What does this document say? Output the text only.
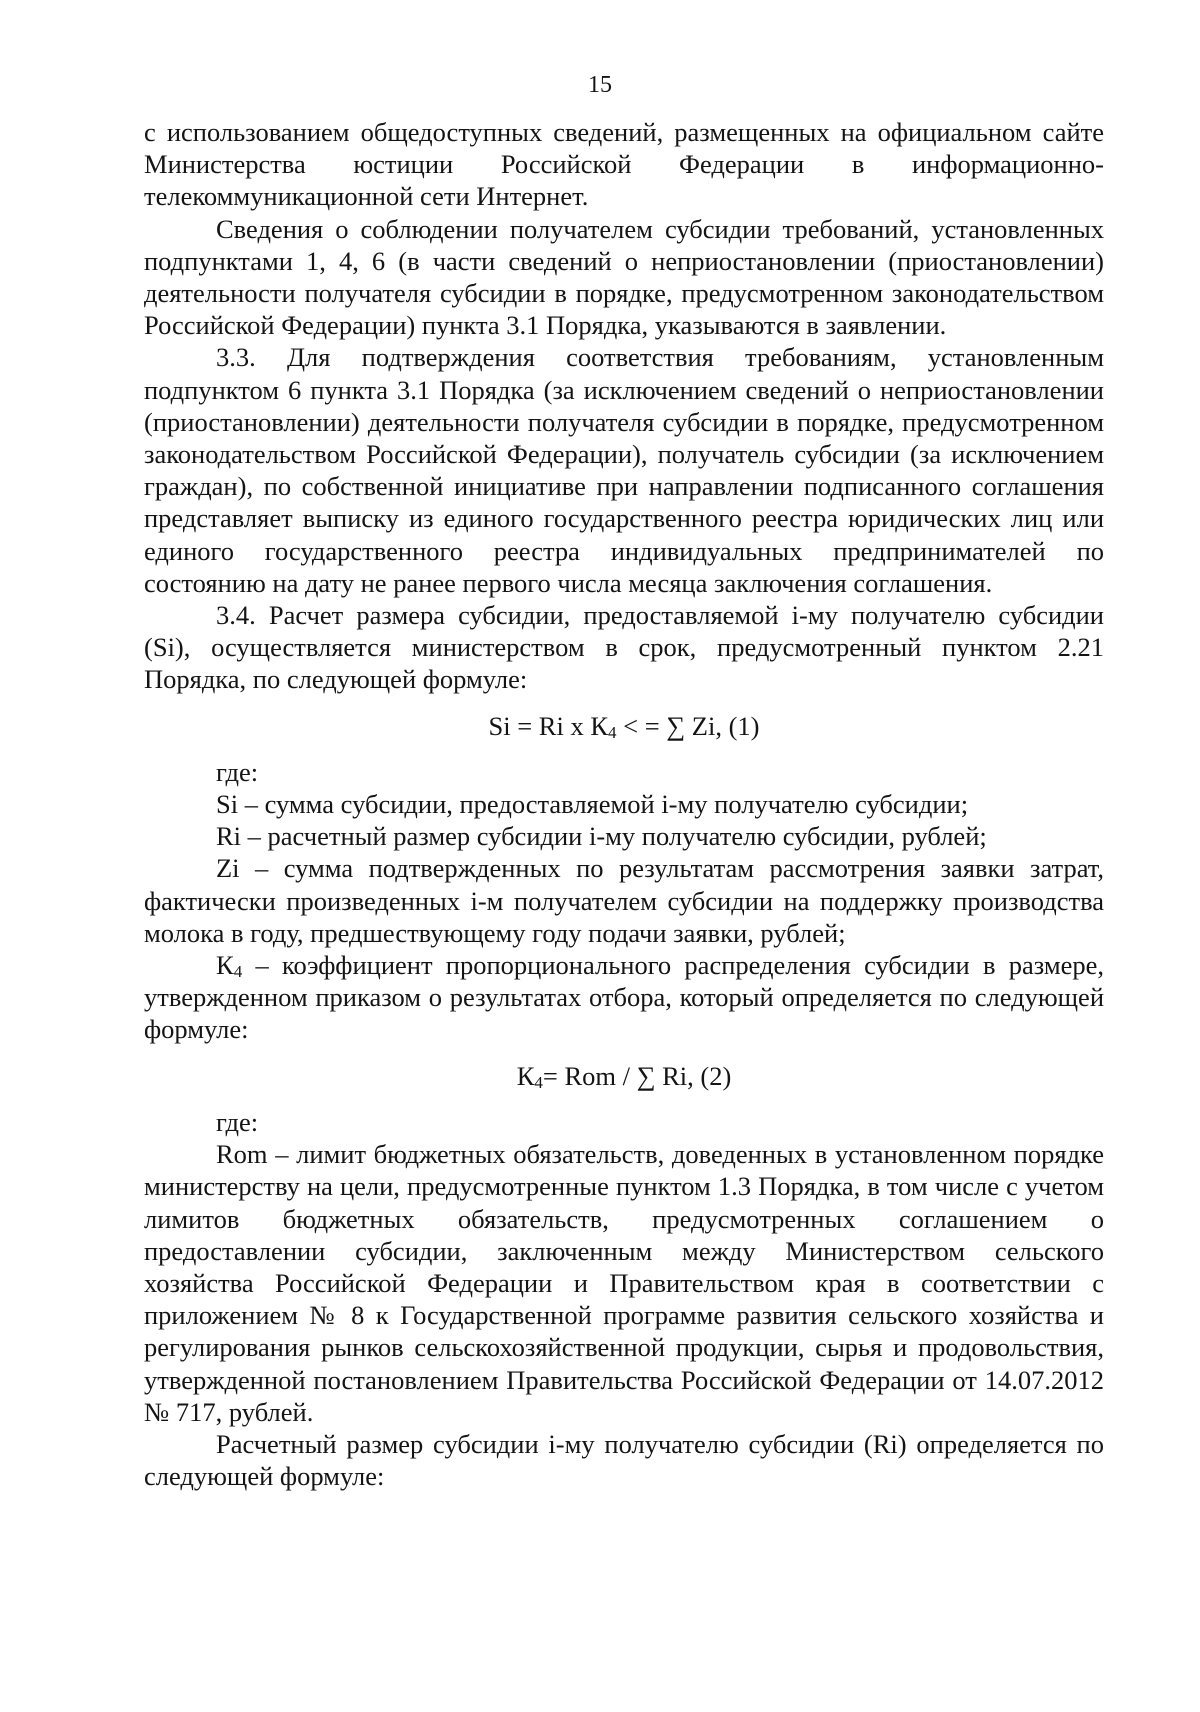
15

с использованием общедоступных сведений, размещенных на официальном сайте Министерства юстиции Российской Федерации в информационно-телекоммуникационной сети Интернет.

Сведения о соблюдении получателем субсидии требований, установленных подпунктами 1, 4, 6 (в части сведений о неприостановлении (приостановлении) деятельности получателя субсидии в порядке, предусмотренном законодательством Российской Федерации) пункта 3.1 Порядка, указываются в заявлении.

3.3. Для подтверждения соответствия требованиям, установленным подпунктом 6 пункта 3.1 Порядка (за исключением сведений о неприостановлении (приостановлении) деятельности получателя субсидии в порядке, предусмотренном законодательством Российской Федерации), получатель субсидии (за исключением граждан), по собственной инициативе при направлении подписанного соглашения представляет выписку из единого государственного реестра юридических лиц или единого государственного реестра индивидуальных предпринимателей по состоянию на дату не ранее первого числа месяца заключения соглашения.

3.4. Расчет размера субсидии, предоставляемой i-му получателю субсидии (Si), осуществляется министерством в срок, предусмотренный пунктом 2.21 Порядка, по следующей формуле:

Si = Ri x $К_4$ < = ∑ Zi, (1)

где:

Si – сумма субсидии, предоставляемой i-му получателю субсидии;

Ri – расчетный размер субсидии i-му получателю субсидии, рублей;

Zi – сумма подтвержденных по результатам рассмотрения заявки затрат, фактически произведенных i-м получателем субсидии на поддержку производства молока в году, предшествующему году подачи заявки, рублей;

$К_4$ – коэффициент пропорционального распределения субсидии в размере, утвержденном приказом о результатах отбора, который определяется по следующей формуле:

$К_4=$ Rom / ∑ Ri, (2)

где:

Rom – лимит бюджетных обязательств, доведенных в установленном порядке министерству на цели, предусмотренные пунктом 1.3 Порядка, в том числе с учетом лимитов бюджетных обязательств, предусмотренных соглашением о предоставлении субсидии, заключенным между Министерством сельского хозяйства Российской Федерации и Правительством края в соответствии с приложением № 8 к Государственной программе развития сельского хозяйства и регулирования рынков сельскохозяйственной продукции, сырья и продовольствия, утвержденной постановлением Правительства Российской Федерации от 14.07.2012 № 717, рублей.

Расчетный размер субсидии i-му получателю субсидии (Ri) определяется по следующей формуле:
